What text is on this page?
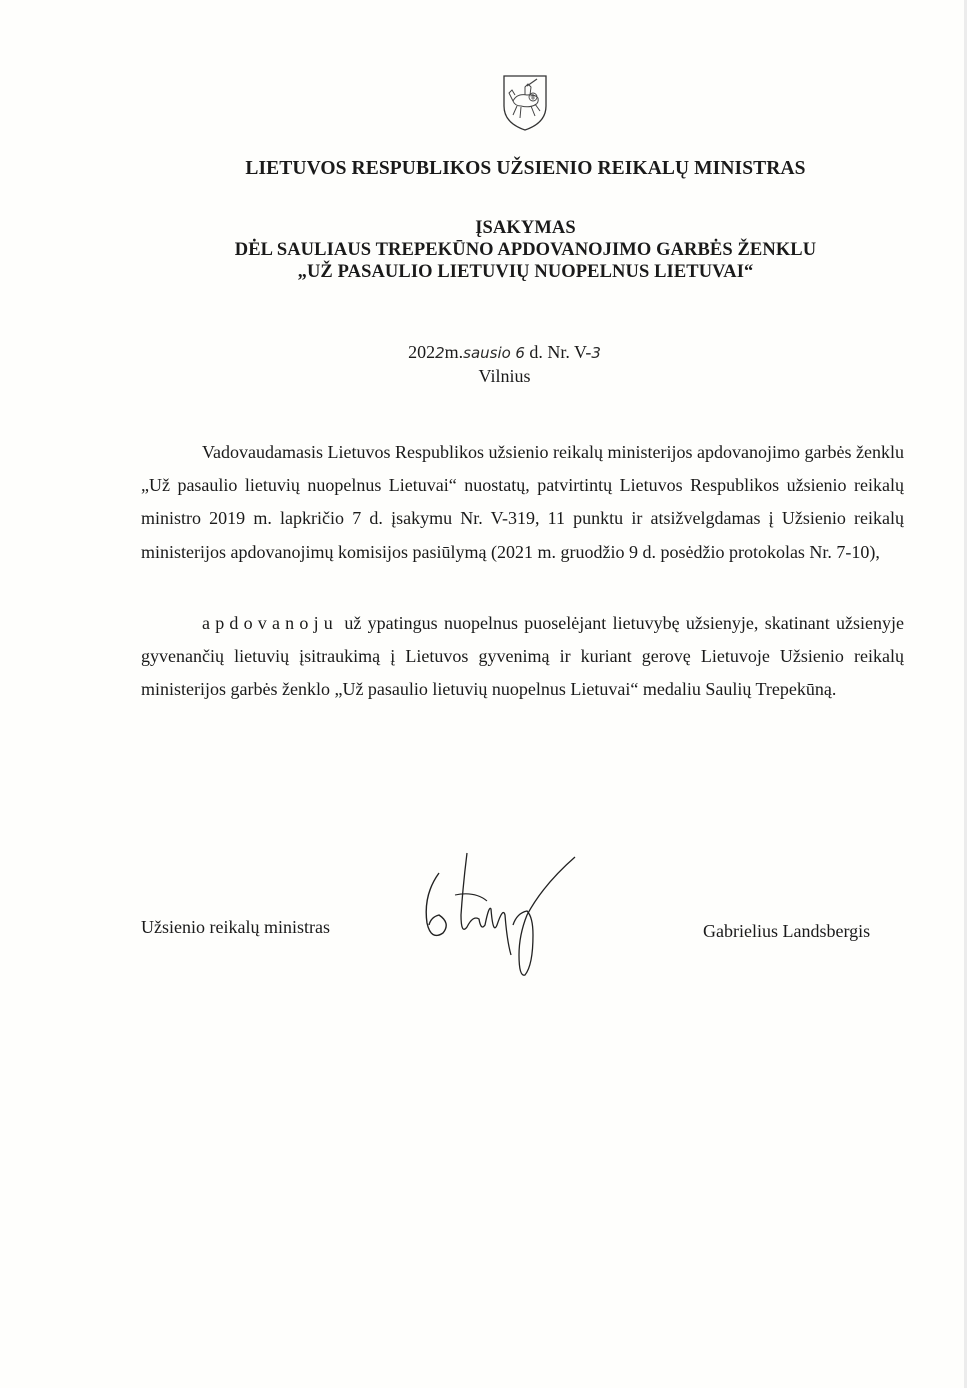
LIETUVOS RESPUBLIKOS UŽSIENIO REIKALŲ MINISTRAS
ĮSAKYMAS
DĖL SAULIAUS TREPEKŪNO APDOVANOJIMO GARBĖS ŽENKLU
„UŽ PASAULIO LIETUVIŲ NUOPELNUS LIETUVAI“
2022m.sausio 6 d. Nr. V-3
Vilnius

Vadovaudamasis Lietuvos Respublikos užsienio reikalų ministerijos apdovanojimo garbės ženklu „Už pasaulio lietuvių nuopelnus Lietuvai“ nuostatų, patvirtintų Lietuvos Respublikos užsienio reikalų ministro 2019 m. lapkričio 7 d. įsakymu Nr. V-319, 11 punktu ir atsižvelgdamas į Užsienio reikalų ministerijos apdovanojimų komisijos pasiūlymą (2021 m. gruodžio 9 d. posėdžio protokolas Nr. 7-10),

apdovanoju už ypatingus nuopelnus puoselėjant lietuvybę užsienyje, skatinant užsienyje gyvenančių lietuvių įsitraukimą į Lietuvos gyvenimą ir kuriant gerovę Lietuvoje Užsienio reikalų ministerijos garbės ženklo „Už pasaulio lietuvių nuopelnus Lietuvai“ medaliu Saulių Trepekūną.

Užsienio reikalų ministras	Gabrielius Landsbergis
